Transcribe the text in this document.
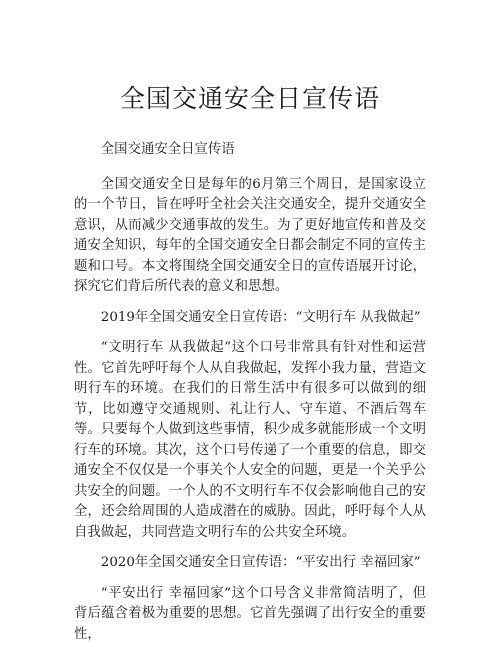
全国交通安全日宣传语

全国交通安全日宣传语

全国交通安全日是每年的6月第三个周日，是国家设立的一个节日，旨在呼吁全社会关注交通安全，提升交通安全意识，从而减少交通事故的发生。为了更好地宣传和普及交通安全知识，每年的全国交通安全日都会制定不同的宣传主题和口号。本文将围绕全国交通安全日的宣传语展开讨论，探究它们背后所代表的意义和思想。

2019年全国交通安全日宣传语：“文明行车 从我做起”

“文明行车 从我做起”这个口号非常具有针对性和运营性。它首先呼吁每个人从自我做起，发挥小我力量，营造文明行车的环境。在我们的日常生活中有很多可以做到的细节，比如遵守交通规则、礼让行人、守车道、不酒后驾车等。只要每个人做到这些事情，积少成多就能形成一个文明行车的环境。其次，这个口号传递了一个重要的信息，即交通安全不仅仅是一个事关个人安全的问题，更是一个关乎公共安全的问题。一个人的不文明行车不仅会影响他自己的安全，还会给周围的人造成潜在的威胁。因此，呼吁每个人从自我做起，共同营造文明行车的公共安全环境。

2020年全国交通安全日宣传语：“平安出行 幸福回家”

“平安出行 幸福回家”这个口号含义非常简洁明了，但背后蕴含着极为重要的思想。它首先强调了出行安全的重要性，
